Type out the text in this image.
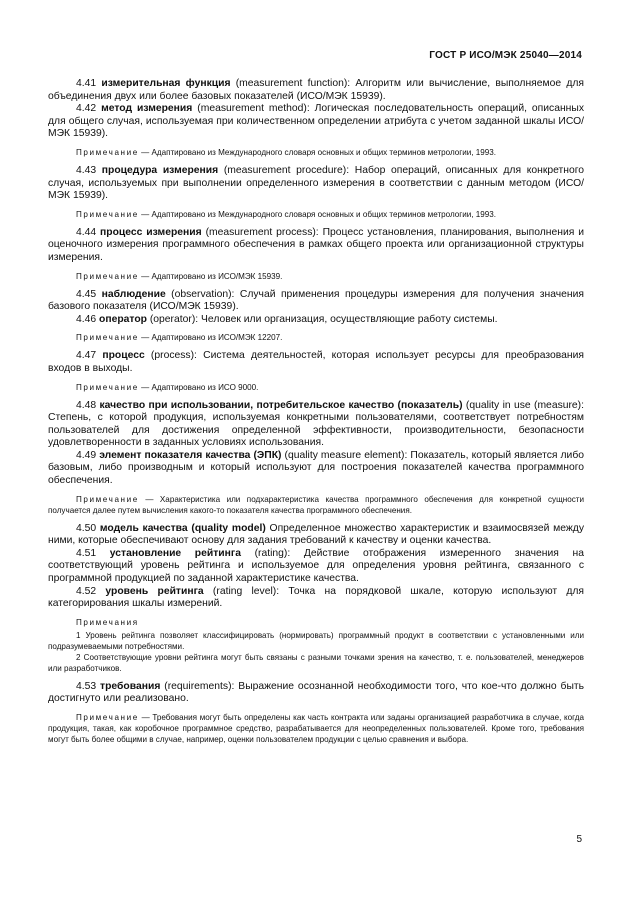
ГОСТ Р ИСО/МЭК 25040—2014

4.41 измерительная функция (measurement function): Алгоритм или вычисление, выполняемое для объединения двух или более базовых показателей (ИСО/МЭК 15939).

4.42 метод измерения (measurement method): Логическая последовательность операций, описанных для общего случая, используемая при количественном определении атрибута с учетом заданной шкалы ИСО/МЭК 15939).

Примечание — Адаптировано из Международного словаря основных и общих терминов метрологии, 1993.

4.43 процедура измерения (measurement procedure): Набор операций, описанных для конкретного случая, используемых при выполнении определенного измерения в соответствии с данным методом (ИСО/МЭК 15939).

Примечание — Адаптировано из Международного словаря основных и общих терминов метрологии, 1993.

4.44 процесс измерения (measurement process): Процесс установления, планирования, выполнения и оценочного измерения программного обеспечения в рамках общего проекта или организационной структуры измерения.

Примечание — Адаптировано из ИСО/МЭК 15939.

4.45 наблюдение (observation): Случай применения процедуры измерения для получения значения базового показателя (ИСО/МЭК 15939).

4.46 оператор (operator): Человек или организация, осуществляющие работу системы.

Примечание — Адаптировано из ИСО/МЭК 12207.

4.47 процесс (process): Система деятельностей, которая использует ресурсы для преобразования входов в выходы.

Примечание — Адаптировано из ИСО 9000.

4.48 качество при использовании, потребительское качество (показатель) (quality in use (measure): Степень, с которой продукция, используемая конкретными пользователями, соответствует потребностям пользователей для достижения определенной эффективности, производительности, безопасности удовлетворенности в заданных условиях использования.

4.49 элемент показателя качества (ЭПК) (quality measure element): Показатель, который является либо базовым, либо производным и который используют для построения показателей качества программного обеспечения.

Примечание — Характеристика или подхарактеристика качества программного обеспечения для конкретной сущности получается далее путем вычисления какого-то показателя качества программного обеспечения.

4.50 модель качества (quality model) Определенное множество характеристик и взаимосвязей между ними, которые обеспечивают основу для задания требований к качеству и оценки качества.

4.51 установление рейтинга (rating): Действие отображения измеренного значения на соответствующий уровень рейтинга и используемое для определения уровня рейтинга, связанного с программной продукцией по заданной характеристике качества.

4.52 уровень рейтинга (rating level): Точка на порядковой шкале, которую используют для категорирования шкалы измерений.

Примечания

1 Уровень рейтинга позволяет классифицировать (нормировать) программный продукт в соответствии с установленными или подразумеваемыми потребностями.

2 Соответствующие уровни рейтинга могут быть связаны с разными точками зрения на качество, т. е. пользователей, менеджеров или разработчиков.

4.53 требования (requirements): Выражение осознанной необходимости того, что кое-что должно быть достигнуто или реализовано.

Примечание — Требования могут быть определены как часть контракта или заданы организацией разработчика в случае, когда продукция, такая, как коробочное программное средство, разрабатывается для неопределенных пользователей. Кроме того, требования могут быть более общими в случае, например, оценки пользователем продукции с целью сравнения и выбора.

5
